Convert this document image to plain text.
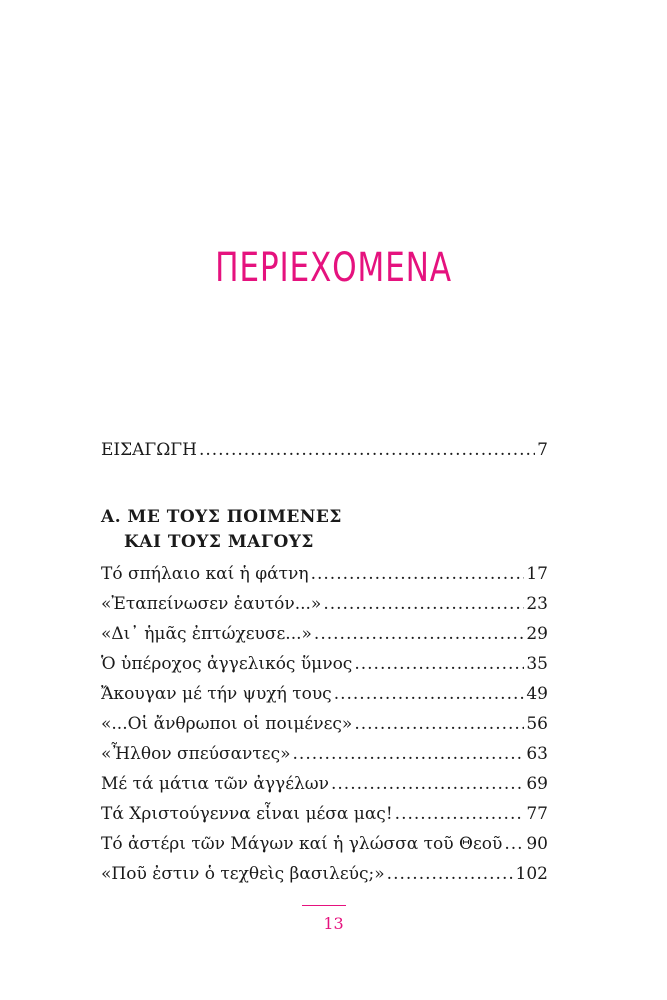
ΠΕΡΙΕΧΟΜΕΝΑ
ΕΙΣΑΓΩΓΗ .....	7
Α. ΜΕ ΤΟΥΣ ΠΟΙΜΕΝΕΣ
ΚΑΙ ΤΟΥΣ ΜΑΓΟΥΣ
Τό σπήλαιο καί ἡ φάτνη .....	17
«Ἐταπείνωσεν ἑαυτόν...» .....	23
«Δι᾽ ἡμᾶς ἐπτώχευσε...» .....	29
Ὁ ὑπέροχος ἀγγελικός ὕμνος .....	35
Ἄκουγαν μέ τήν ψυχή τους .....	49
«...Οἱ ἄνθρωποι οἱ ποιμένες» .....	56
«Ἦλθον σπεύσαντες» .....	63
Μέ τά μάτια τῶν ἀγγέλων .....	69
Τά Χριστούγεννα εἶναι μέσα μας! .....	77
Τό ἀστέρι τῶν Μάγων καί ἡ γλώσσα τοῦ Θεοῦ ..... 90
«Ποῦ ἐστιν ὁ τεχθεὶς βασιλεύς;» .....	102
13
